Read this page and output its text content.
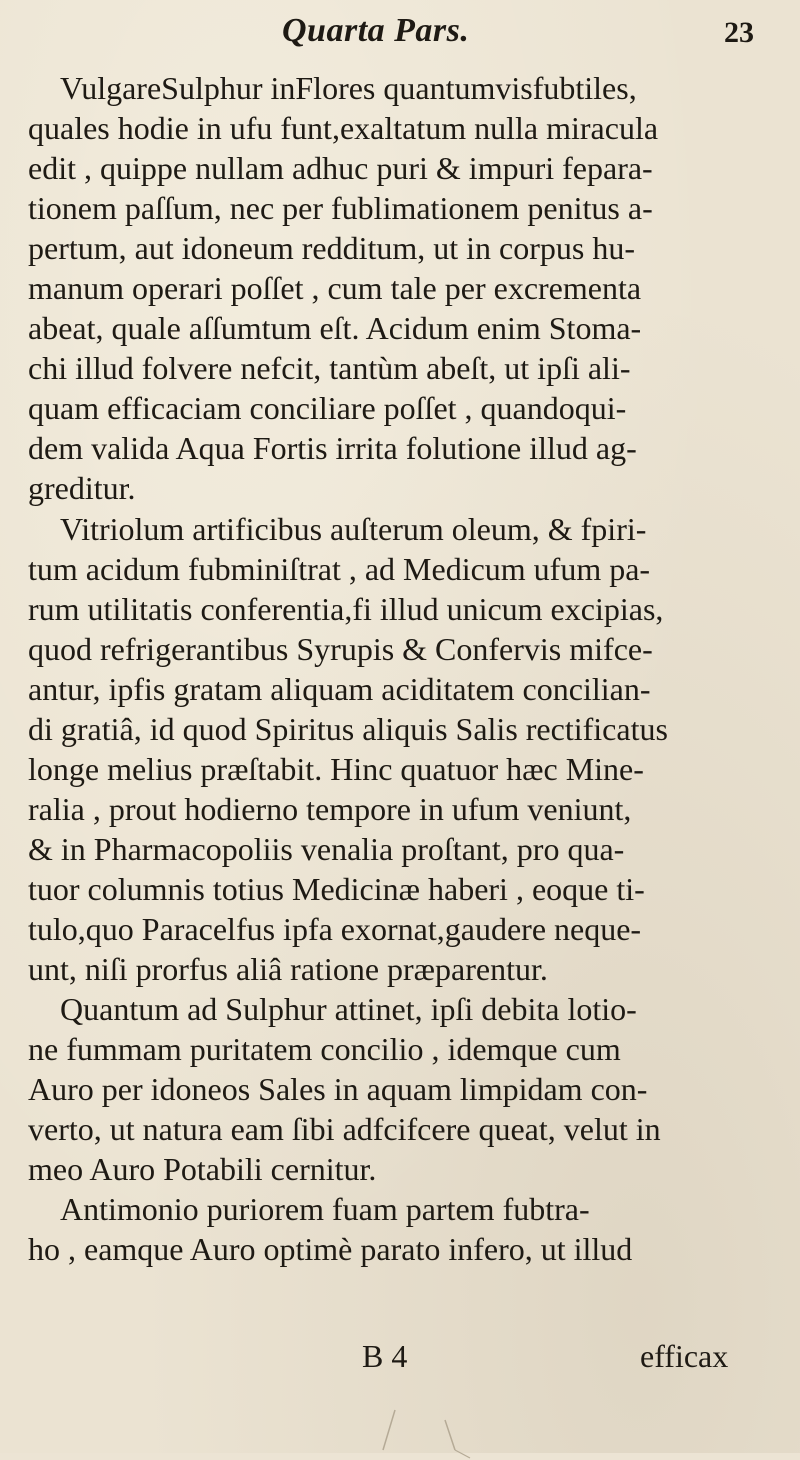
Quarta Pars.	23
VulgareSulphur inFlores quantumvisfubtiles,
quales hodie in ufu funt,exaltatum nulla miracula
edit , quippe nullam adhuc puri & impuri fepara-
tionem paſſum, nec per fublimationem penitus a-
pertum, aut idoneum redditum, ut in corpus hu-
manum operari poſſet , cum tale per excrementa
abeat, quale aſſumtum eſt. Acidum enim Stoma-
chi illud folvere nefcit, tantùm abeſt, ut ipſi ali-
quam efficaciam conciliare poſſet , quandoqui-
dem valida Aqua Fortis irrita folutione illud ag-
greditur.
Vitriolum artificibus auſterum oleum, & fpiri-
tum acidum fubminiſtrat , ad Medicum ufum pa-
rum utilitatis conferentia,fi illud unicum excipias,
quod refrigerantibus Syrupis & Confervis mifce-
antur, ipfis gratam aliquam aciditatem concilian-
di gratiâ, id quod Spiritus aliquis Salis rectificatus
longe melius præſtabit. Hinc quatuor hæc Mine-
ralia , prout hodierno tempore in ufum veniunt,
& in Pharmacopoliis venalia proſtant, pro qua-
tuor columnis totius Medicinæ haberi , eoque ti-
tulo,quo Paracelfus ipfa exornat,gaudere neque-
unt, niſi prorfus aliâ ratione præparentur.
Quantum ad Sulphur attinet, ipſi debita lotio-
ne fummam puritatem concilio , idemque cum
Auro per idoneos Sales in aquam limpidam con-
verto, ut natura eam ſibi adfcifcere queat, velut in
meo Auro Potabili cernitur.
Antimonio puriorem fuam partem fubtra-
ho , eamque Auro optimè parato infero, ut illud
B 4	efficax
